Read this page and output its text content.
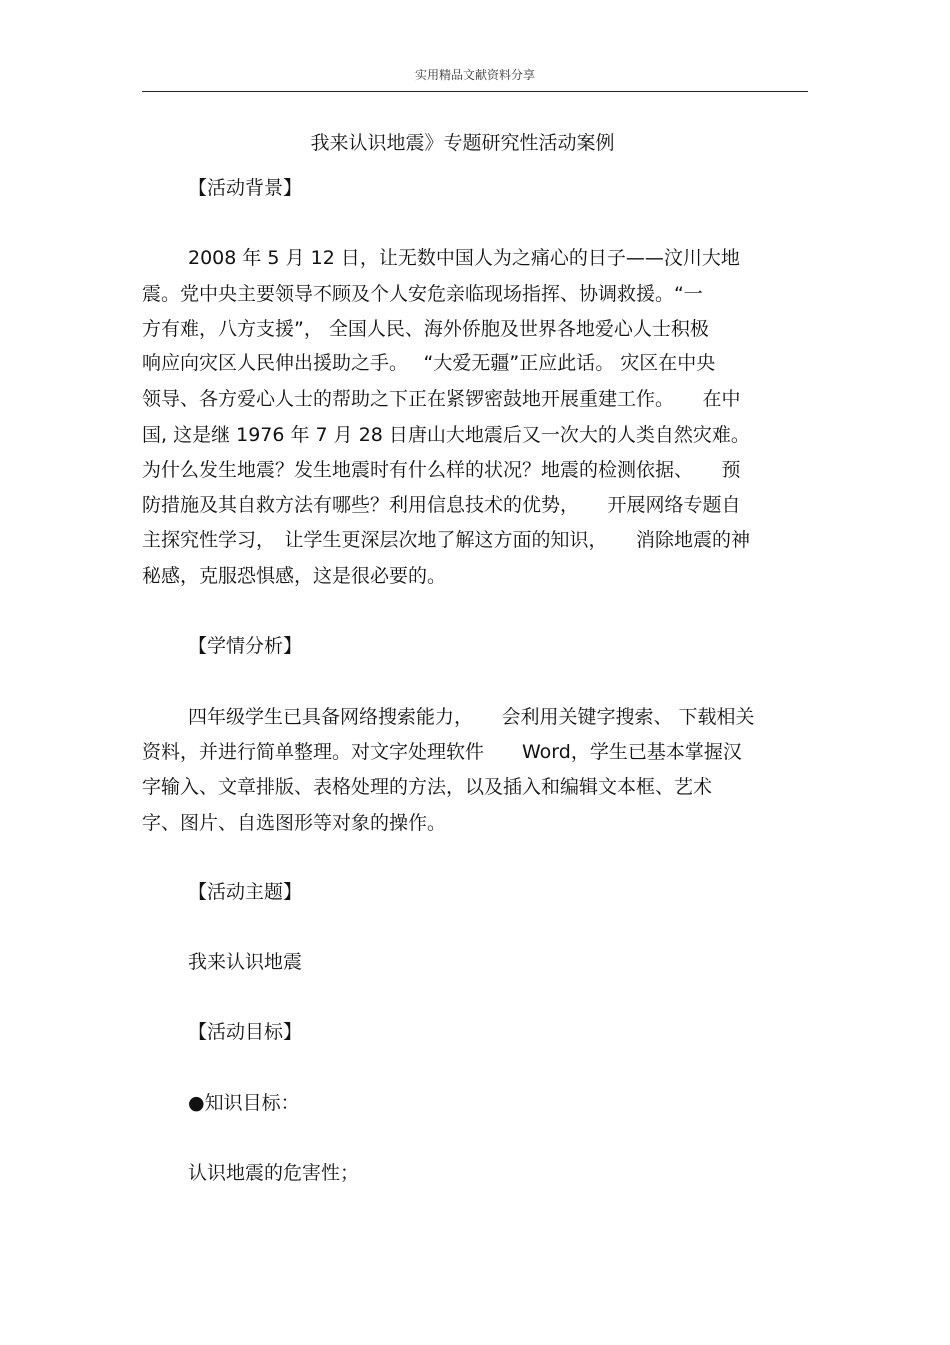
实用精品文献资料分享
我来认识地震》专题研究性活动案例
【活动背景】
2008 年 5 月 12 日，让无数中国人为之痛心的日子——汶川大地
震。党中央主要领导不顾及个人安危亲临现场指挥、协调救援。“一
方有难，八方支援”， 全国人民、海外侨胞及世界各地爱心人士积极
响应向灾区人民伸出援助之手。　 “大爱无疆”正应此话。 灾区在中央
领导、各方爱心人士的帮助之下正在紧锣密鼓地开展重建工作。　　在中
国, 这是继 1976 年 7 月 28 日唐山大地震后又一次大的人类自然灾难。
为什么发生地震？发生地震时有什么样的状况？地震的检测依据、　　预
防措施及其自救方法有哪些？利用信息技术的优势，　　开展网络专题自
主探究性学习，　让学生更深层次地了解这方面的知识，　　消除地震的神
秘感，克服恐惧感，这是很必要的。
【学情分析】
四年级学生已具备网络搜索能力，　　会利用关键字搜索、 下载相关
资料，并进行简单整理。对文字处理软件　　Word，学生已基本掌握汉
字输入、文章排版、表格处理的方法，以及插入和编辑文本框、艺术
字、图片、自选图形等对象的操作。
【活动主题】
我来认识地震
【活动目标】
●知识目标：
认识地震的危害性；
